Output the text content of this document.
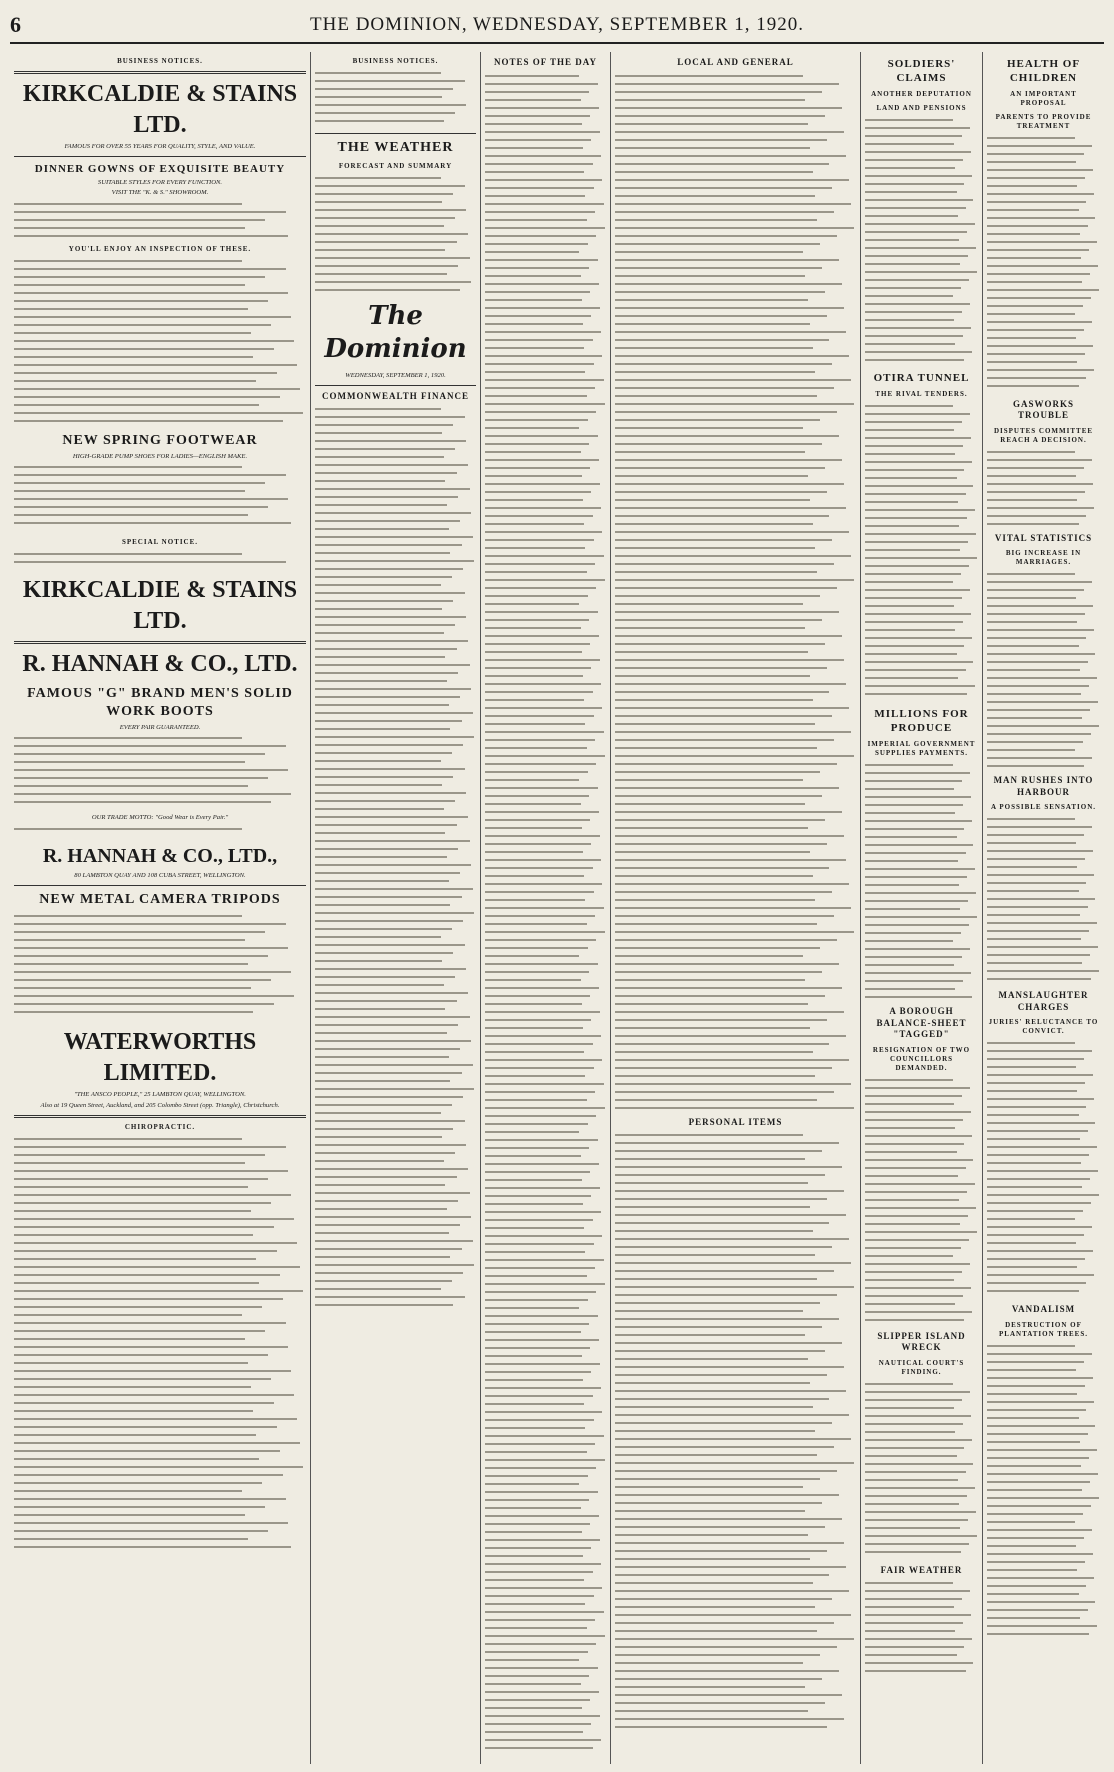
6	THE DOMINION, WEDNESDAY, SEPTEMBER 1, 1920.
BUSINESS NOTICES.
KIRKCALDIE & STAINS LTD.
FAMOUS FOR OVER 55 YEARS FOR QUALITY, STYLE, AND VALUE.
DINNER GOWNS OF EXQUISITE BEAUTY
SUITABLE STYLES FOR EVERY FUNCTION.
VISIT THE "K. & S." SHOWROOM.
YOU'LL ENJOY AN INSPECTION OF THESE.
NEW SPRING FOOTWEAR
HIGH-GRADE PUMP SHOES FOR LADIES—ENGLISH MAKE.
SPECIAL NOTICE.
KIRKCALDIE & STAINS LTD.
R. HANNAH & CO., LTD.
FAMOUS "G" BRAND MEN'S SOLID WORK BOOTS
EVERY PAIR GUARANTEED.
OUR TRADE MOTTO: "Good Wear is Every Pair."
R. HANNAH & CO., LTD.,
80 LAMBTON QUAY AND 108 CUBA STREET, WELLINGTON.
NEW METAL CAMERA TRIPODS
WATERWORTHS LIMITED.
"THE ANSCO PEOPLE," 25 LAMBTON QUAY, WELLINGTON.
Also at 19 Queen Street, Auckland, and 205 Colombo Street (opp. Triangle), Christchurch.
CHIROPRACTIC.
BUSINESS NOTICES.
THE WEATHER
FORECAST AND SUMMARY
The Dominion
WEDNESDAY, SEPTEMBER 1, 1920.
COMMONWEALTH FINANCE
NOTES OF THE DAY	LOCAL AND GENERAL
PERSONAL ITEMS
SOLDIERS' CLAIMS
ANOTHER DEPUTATION
LAND AND PENSIONS
OTIRA TUNNEL
THE RIVAL TENDERS.
MILLIONS FOR PRODUCE
IMPERIAL GOVERNMENT SUPPLIES PAYMENTS.
A BOROUGH BALANCE-SHEET "TAGGED"
RESIGNATION OF TWO COUNCILLORS DEMANDED.
SLIPPER ISLAND WRECK
NAUTICAL COURT'S FINDING.
FAIR WEATHER
HEALTH OF CHILDREN
AN IMPORTANT PROPOSAL
PARENTS TO PROVIDE TREATMENT
GASWORKS TROUBLE
DISPUTES COMMITTEE REACH A DECISION.
VITAL STATISTICS
BIG INCREASE IN MARRIAGES.
MAN RUSHES INTO HARBOUR
A POSSIBLE SENSATION.
MANSLAUGHTER CHARGES
JURIES' RELUCTANCE TO CONVICT.
VANDALISM
DESTRUCTION OF PLANTATION TREES.
